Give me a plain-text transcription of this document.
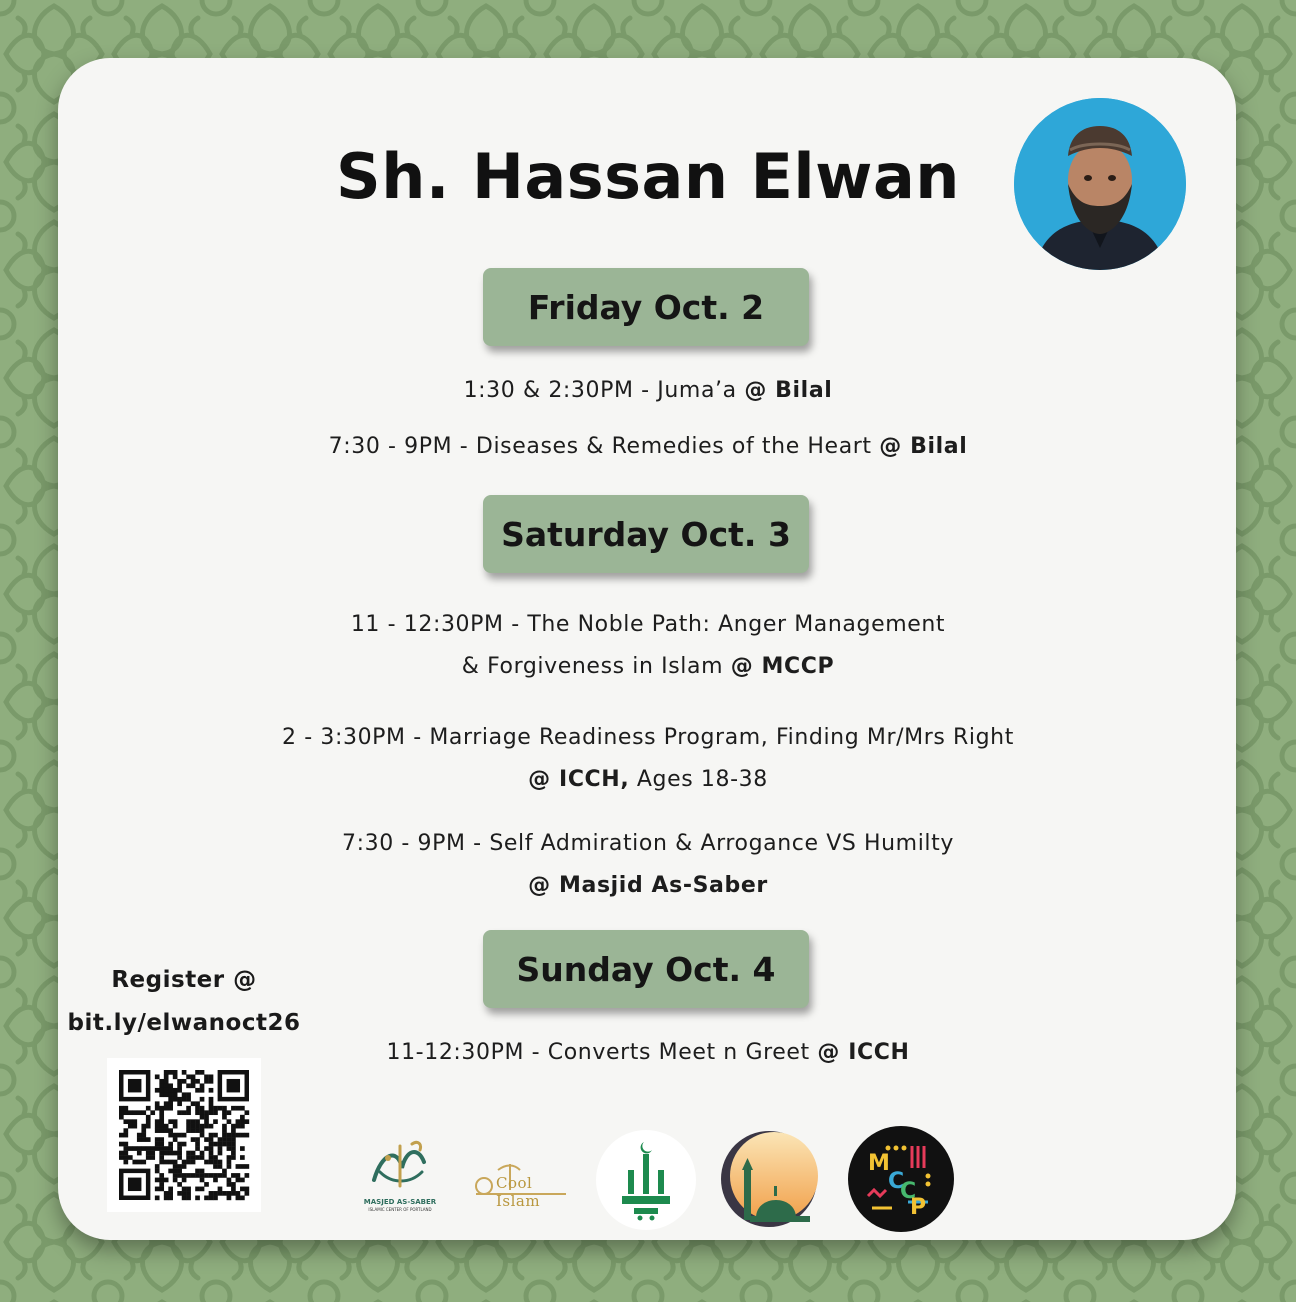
Sh. Hassan Elwan
Friday Oct. 2
1:30 & 2:30PM - Juma’a @ Bilal
7:30 - 9PM - Diseases & Remedies of the Heart @ Bilal
Saturday Oct. 3
11 - 12:30PM - The Noble Path: Anger Management
& Forgiveness in Islam @ MCCP
2 - 3:30PM - Marriage Readiness Program, Finding Mr/Mrs Right
@ ICCH, Ages 18-38
7:30 - 9PM - Self Admiration & Arrogance VS Humilty
@ Masjid As-Saber
Sunday Oct. 4
11-12:30PM - Converts Meet n Greet @ ICCH
Register @
bit.ly/elwanoct26
MASJED AS-SABER
ISLAMIC CENTER OF PORTLAND
Cool Islam
M
C
C
P
